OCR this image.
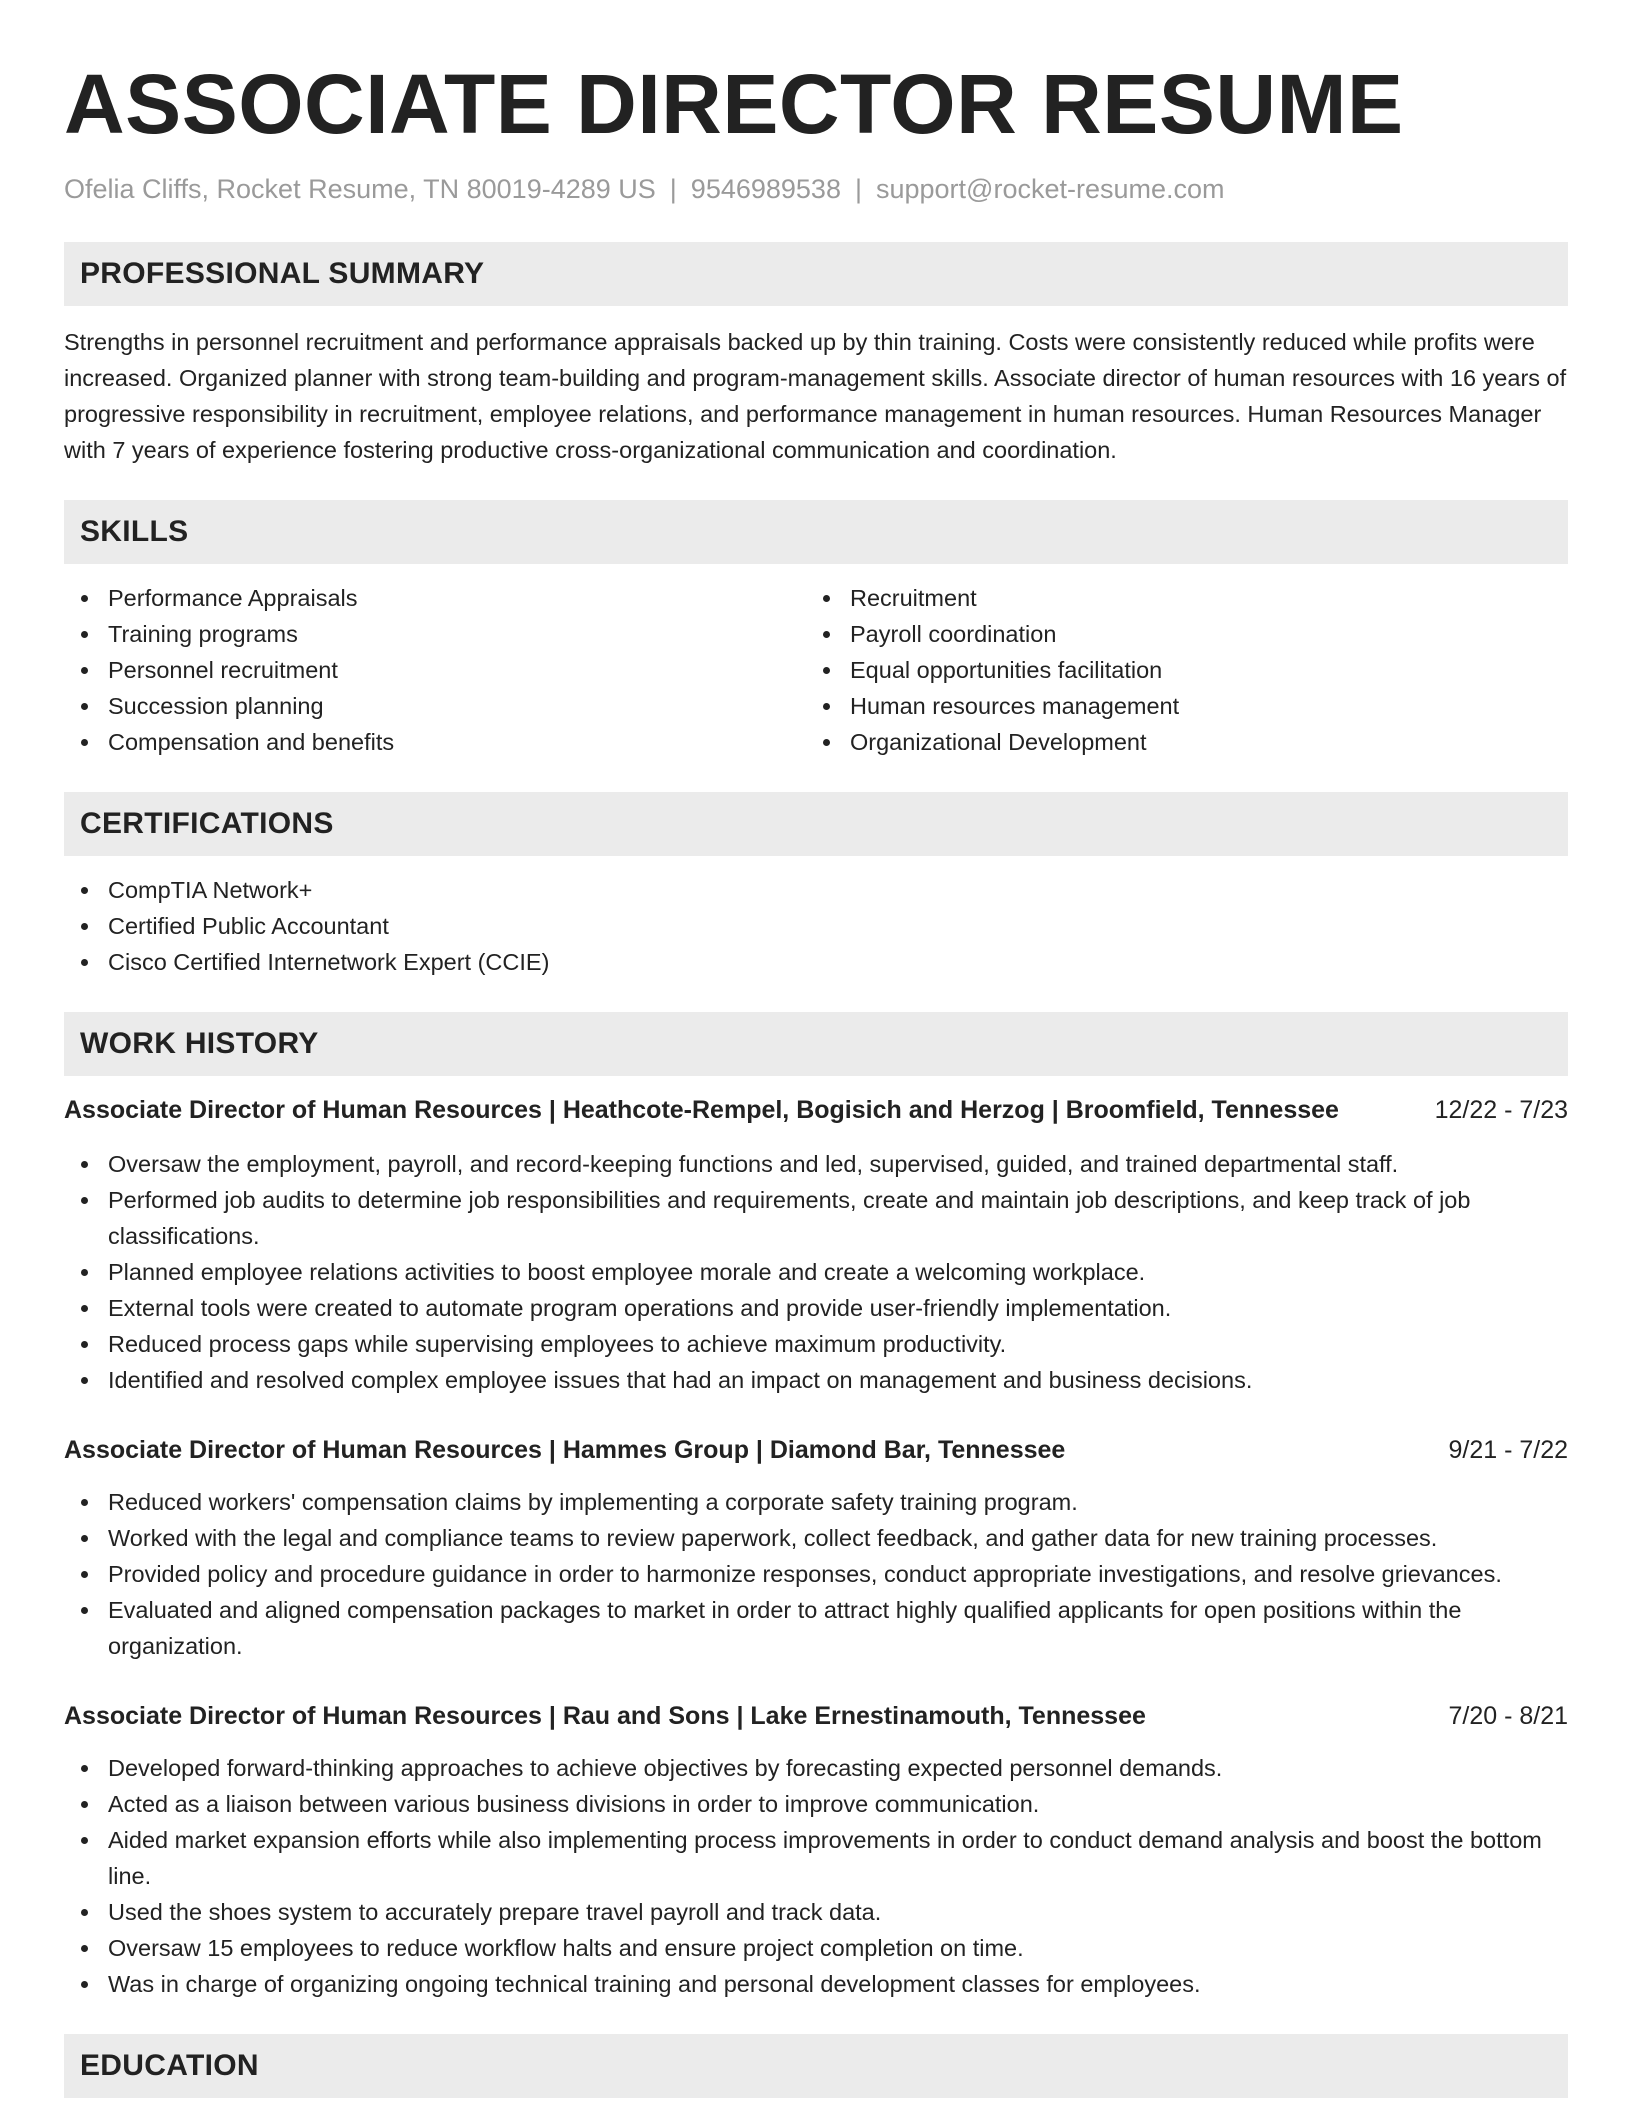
ASSOCIATE DIRECTOR RESUME
Ofelia Cliffs, Rocket Resume, TN 80019-4289 US | 9546989538 | support@rocket-resume.com
PROFESSIONAL SUMMARY

Strengths in personnel recruitment and performance appraisals backed up by thin training. Costs were consistently reduced while profits were increased. Organized planner with strong team-building and program-management skills. Associate director of human resources with 16 years of progressive responsibility in recruitment, employee relations, and performance management in human resources. Human Resources Manager with 7 years of experience fostering productive cross-organizational communication and coordination.

SKILLS
Performance Appraisals
Training programs
Personnel recruitment
Succession planning
Compensation and benefits
Recruitment
Payroll coordination
Equal opportunities facilitation
Human resources management
Organizational Development
CERTIFICATIONS
CompTIA Network+
Certified Public Accountant
Cisco Certified Internetwork Expert (CCIE)
WORK HISTORY
Associate Director of Human Resources | Heathcote-Rempel, Bogisich and Herzog | Broomfield, Tennessee	12/22 - 7/23
Oversaw the employment, payroll, and record-keeping functions and led, supervised, guided, and trained departmental staff.
Performed job audits to determine job responsibilities and requirements, create and maintain job descriptions, and keep track of job classifications.
Planned employee relations activities to boost employee morale and create a welcoming workplace.
External tools were created to automate program operations and provide user-friendly implementation.
Reduced process gaps while supervising employees to achieve maximum productivity.
Identified and resolved complex employee issues that had an impact on management and business decisions.
Associate Director of Human Resources | Hammes Group | Diamond Bar, Tennessee	9/21 - 7/22
Reduced workers' compensation claims by implementing a corporate safety training program.
Worked with the legal and compliance teams to review paperwork, collect feedback, and gather data for new training processes.
Provided policy and procedure guidance in order to harmonize responses, conduct appropriate investigations, and resolve grievances.
Evaluated and aligned compensation packages to market in order to attract highly qualified applicants for open positions within the organization.
Associate Director of Human Resources | Rau and Sons | Lake Ernestinamouth, Tennessee	7/20 - 8/21
Developed forward-thinking approaches to achieve objectives by forecasting expected personnel demands.
Acted as a liaison between various business divisions in order to improve communication.
Aided market expansion efforts while also implementing process improvements in order to conduct demand analysis and boost the bottom line.
Used the shoes system to accurately prepare travel payroll and track data.
Oversaw 15 employees to reduce workflow halts and ensure project completion on time.
Was in charge of organizing ongoing technical training and personal development classes for employees.
EDUCATION
